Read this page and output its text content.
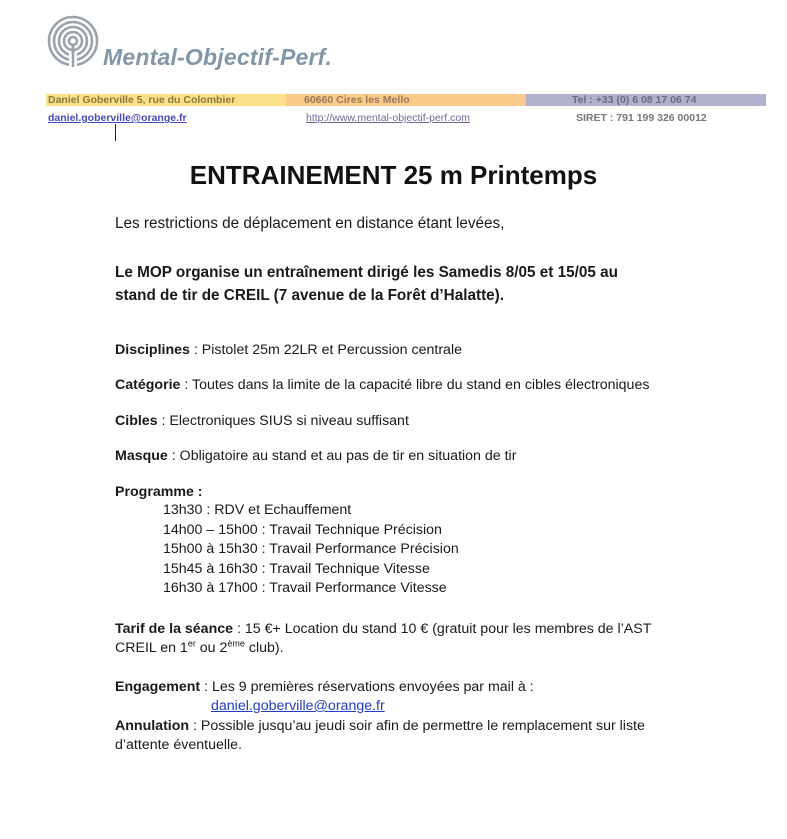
Mental-Objectif-Perf.
Daniel Goberville 5, rue du Colombier	60660 Cires les Mello	Tel : +33 (0) 6 08 17 06 74
daniel.goberville@orange.fr	http://www.mental-objectif-perf.com	SIRET : 791 199 326 00012
ENTRAINEMENT 25 m Printemps
Les restrictions de déplacement en distance étant levées,
Le MOP organise un entraînement dirigé les Samedis 8/05 et 15/05 au
stand de tir de CREIL (7 avenue de la Forêt d’Halatte).
Disciplines : Pistolet 25m 22LR et Percussion centrale
Catégorie : Toutes dans la limite de la capacité libre du stand en cibles électroniques
Cibles : Electroniques SIUS si niveau suffisant
Masque : Obligatoire au stand et au pas de tir en situation de tir
Programme :
13h30 : RDV et Echauffement
14h00 – 15h00 : Travail Technique Précision
15h00 à 15h30 : Travail Performance Précision
15h45 à 16h30 : Travail Technique Vitesse
16h30 à 17h00 : Travail Performance Vitesse
Tarif de la séance : 15 €+ Location du stand 10 € (gratuit pour les membres de l’AST
CREIL en 1er ou 2ème club).
Engagement : Les 9 premières réservations envoyées par mail à :
daniel.goberville@orange.fr
Annulation : Possible jusqu’au jeudi soir afin de permettre le remplacement sur liste
d’attente éventuelle.
